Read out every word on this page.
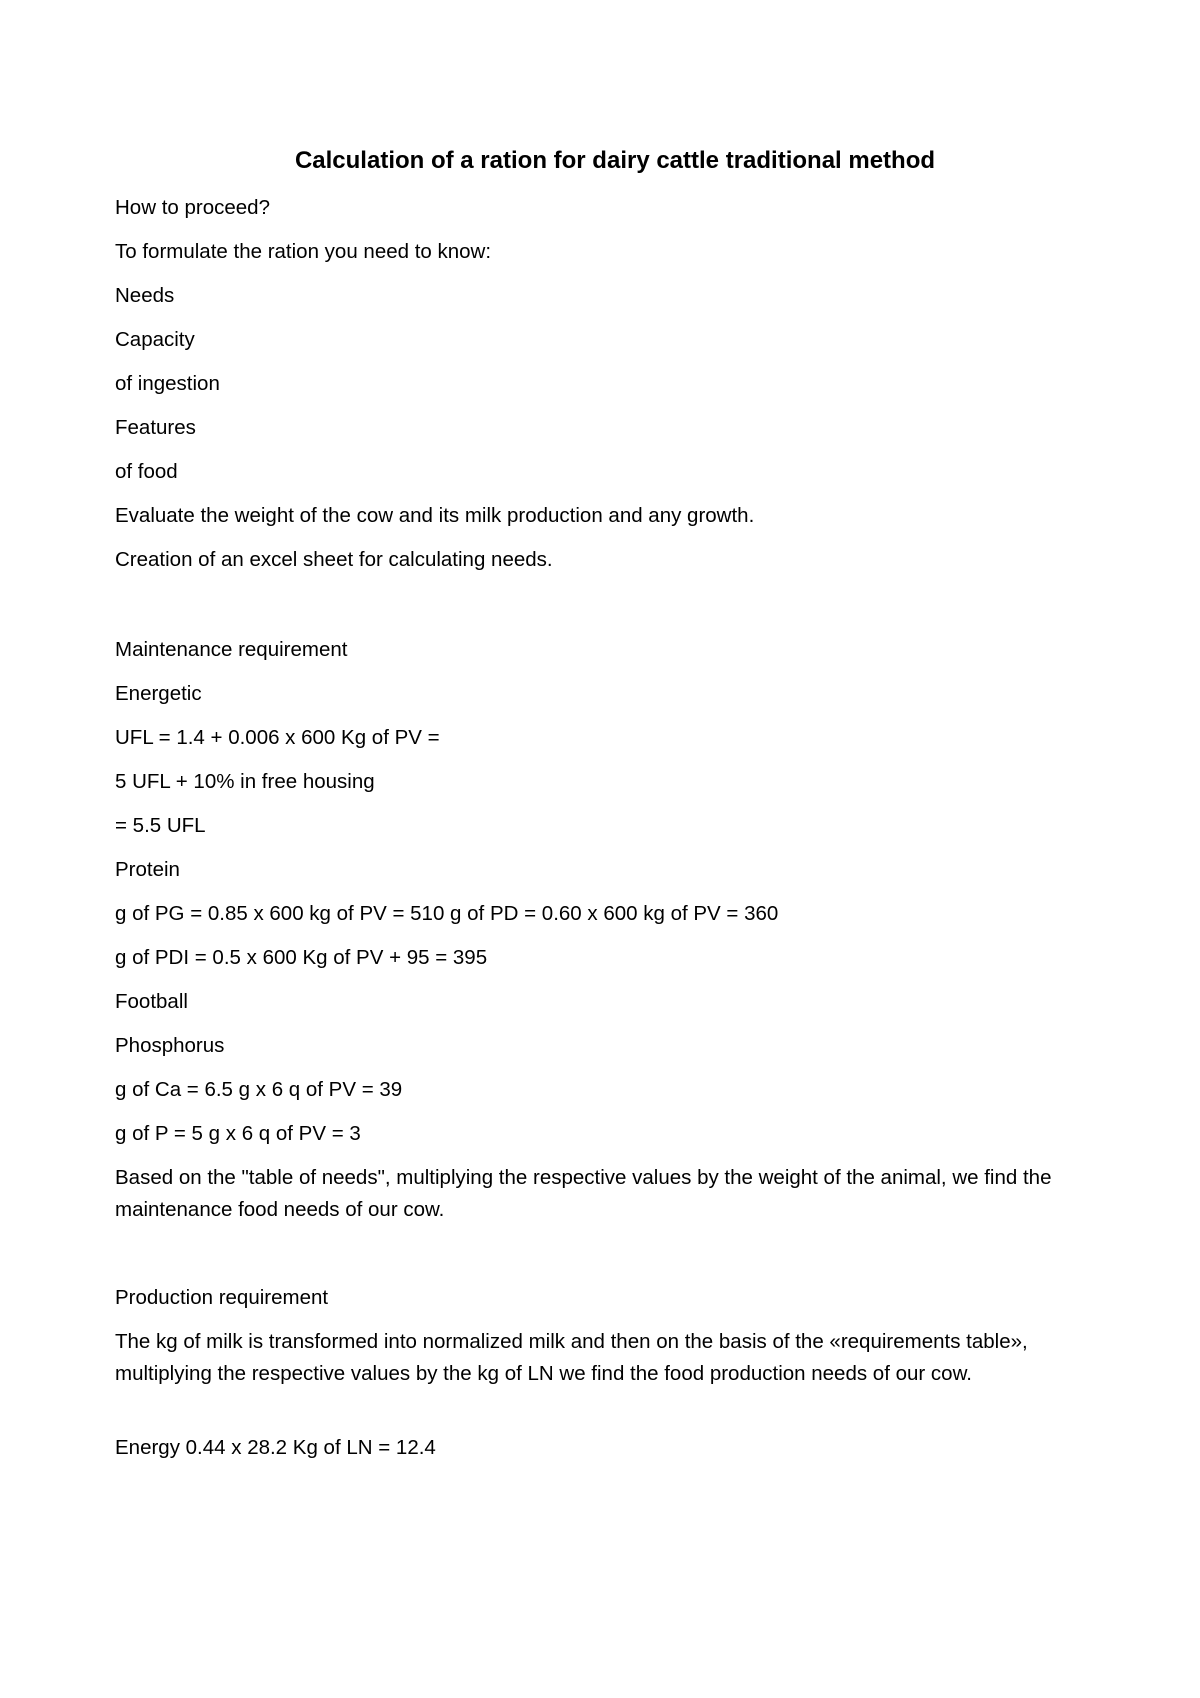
Calculation of a ration for dairy cattle traditional method
How to proceed?
To formulate the ration you need to know:
Needs
Capacity
of ingestion
Features
of food
Evaluate the weight of the cow and its milk production and any growth.
Creation of an excel sheet for calculating needs.
Maintenance requirement
Energetic
UFL = 1.4 + 0.006 x 600 Kg of PV =
5 UFL + 10% in free housing
= 5.5 UFL
Protein
g of PG = 0.85 x 600 kg of PV = 510 g of PD = 0.60 x 600 kg of PV = 360
g of PDI = 0.5 x 600 Kg of PV + 95 = 395
Football
Phosphorus
g of Ca = 6.5 g x 6 q of PV = 39
g of P = 5 g x 6 q of PV = 3
Based on the "table of needs", multiplying the respective values by the weight of the animal, we find the maintenance food needs of our cow.
Production requirement
The kg of milk is transformed into normalized milk and then on the basis of the «requirements table», multiplying the respective values by the kg of LN we find the food production needs of our cow.
Energy 0.44 x 28.2 Kg of LN = 12.4
